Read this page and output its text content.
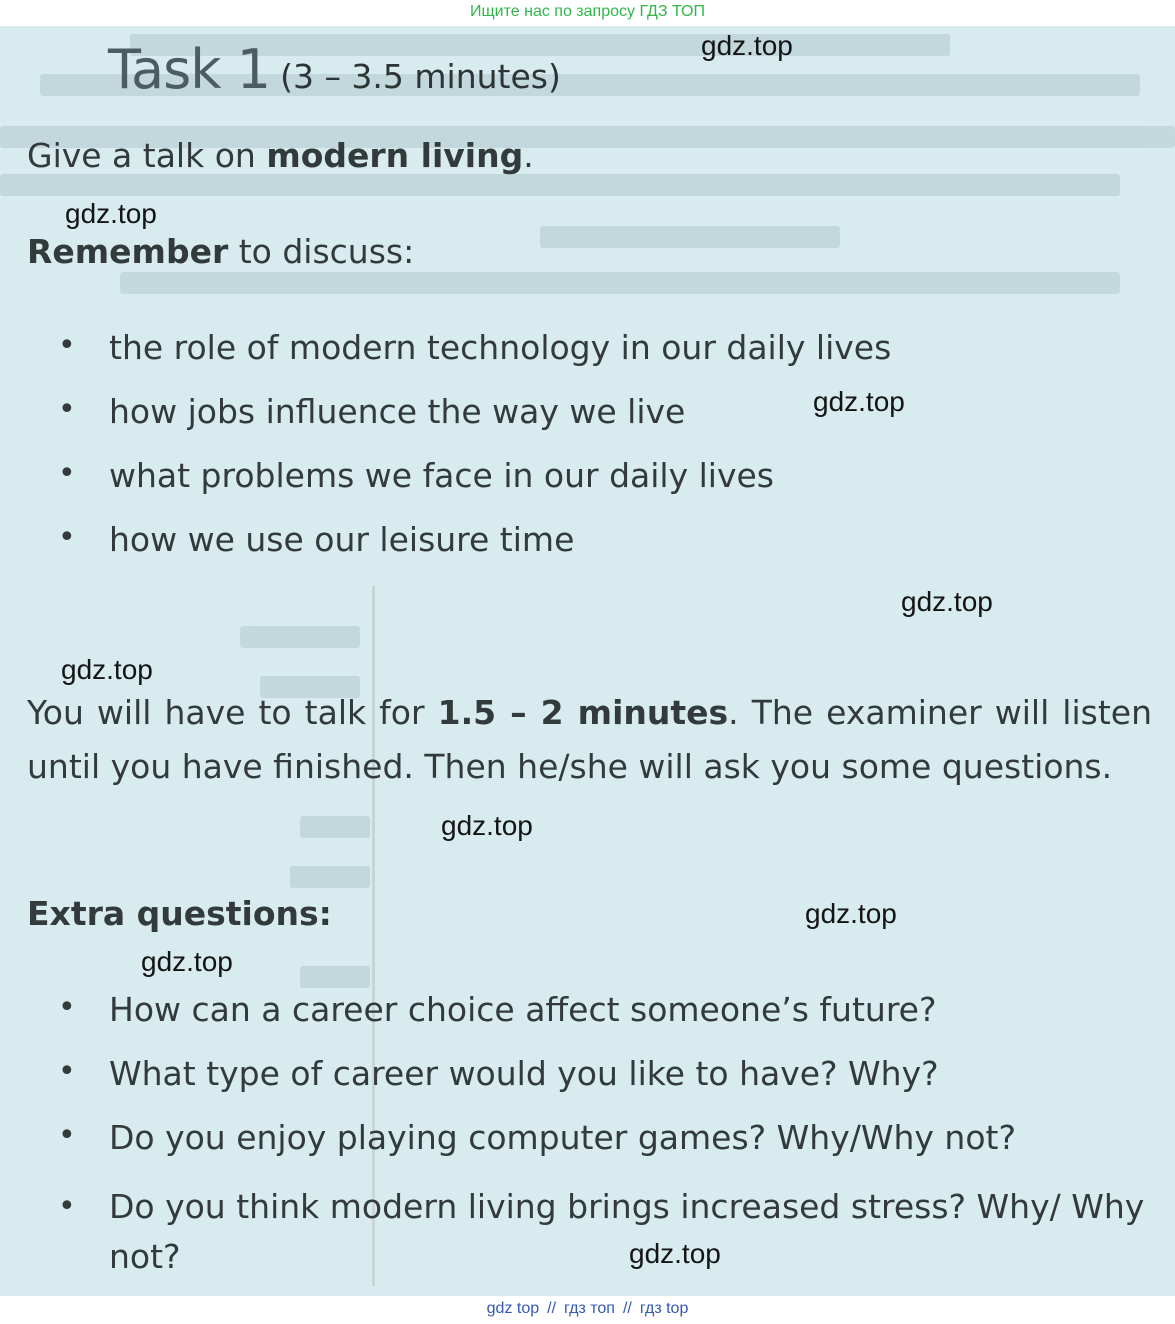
Ищите нас по запросу ГДЗ ТОП
Task 1 (3 – 3.5 minutes)
Give a talk on modern living.
Remember to discuss:
• the role of modern technology in our daily lives
• how jobs influence the way we live
• what problems we face in our daily lives
• how we use our leisure time
You will have to talk for 1.5 – 2 minutes. The examiner will listen until you have finished. Then he/she will ask you some questions.
Extra questions:
• How can a career choice affect someone’s future?
• What type of career would you like to have? Why?
• Do you enjoy playing computer games? Why/Why not?
• Do you think modern living brings increased stress? Why/ Why not?
gdz.top
gdz.top
gdz.top
gdz.top
gdz.top
gdz.top
gdz.top
gdz.top
gdz.top
gdz top // гдз топ // гдз top
